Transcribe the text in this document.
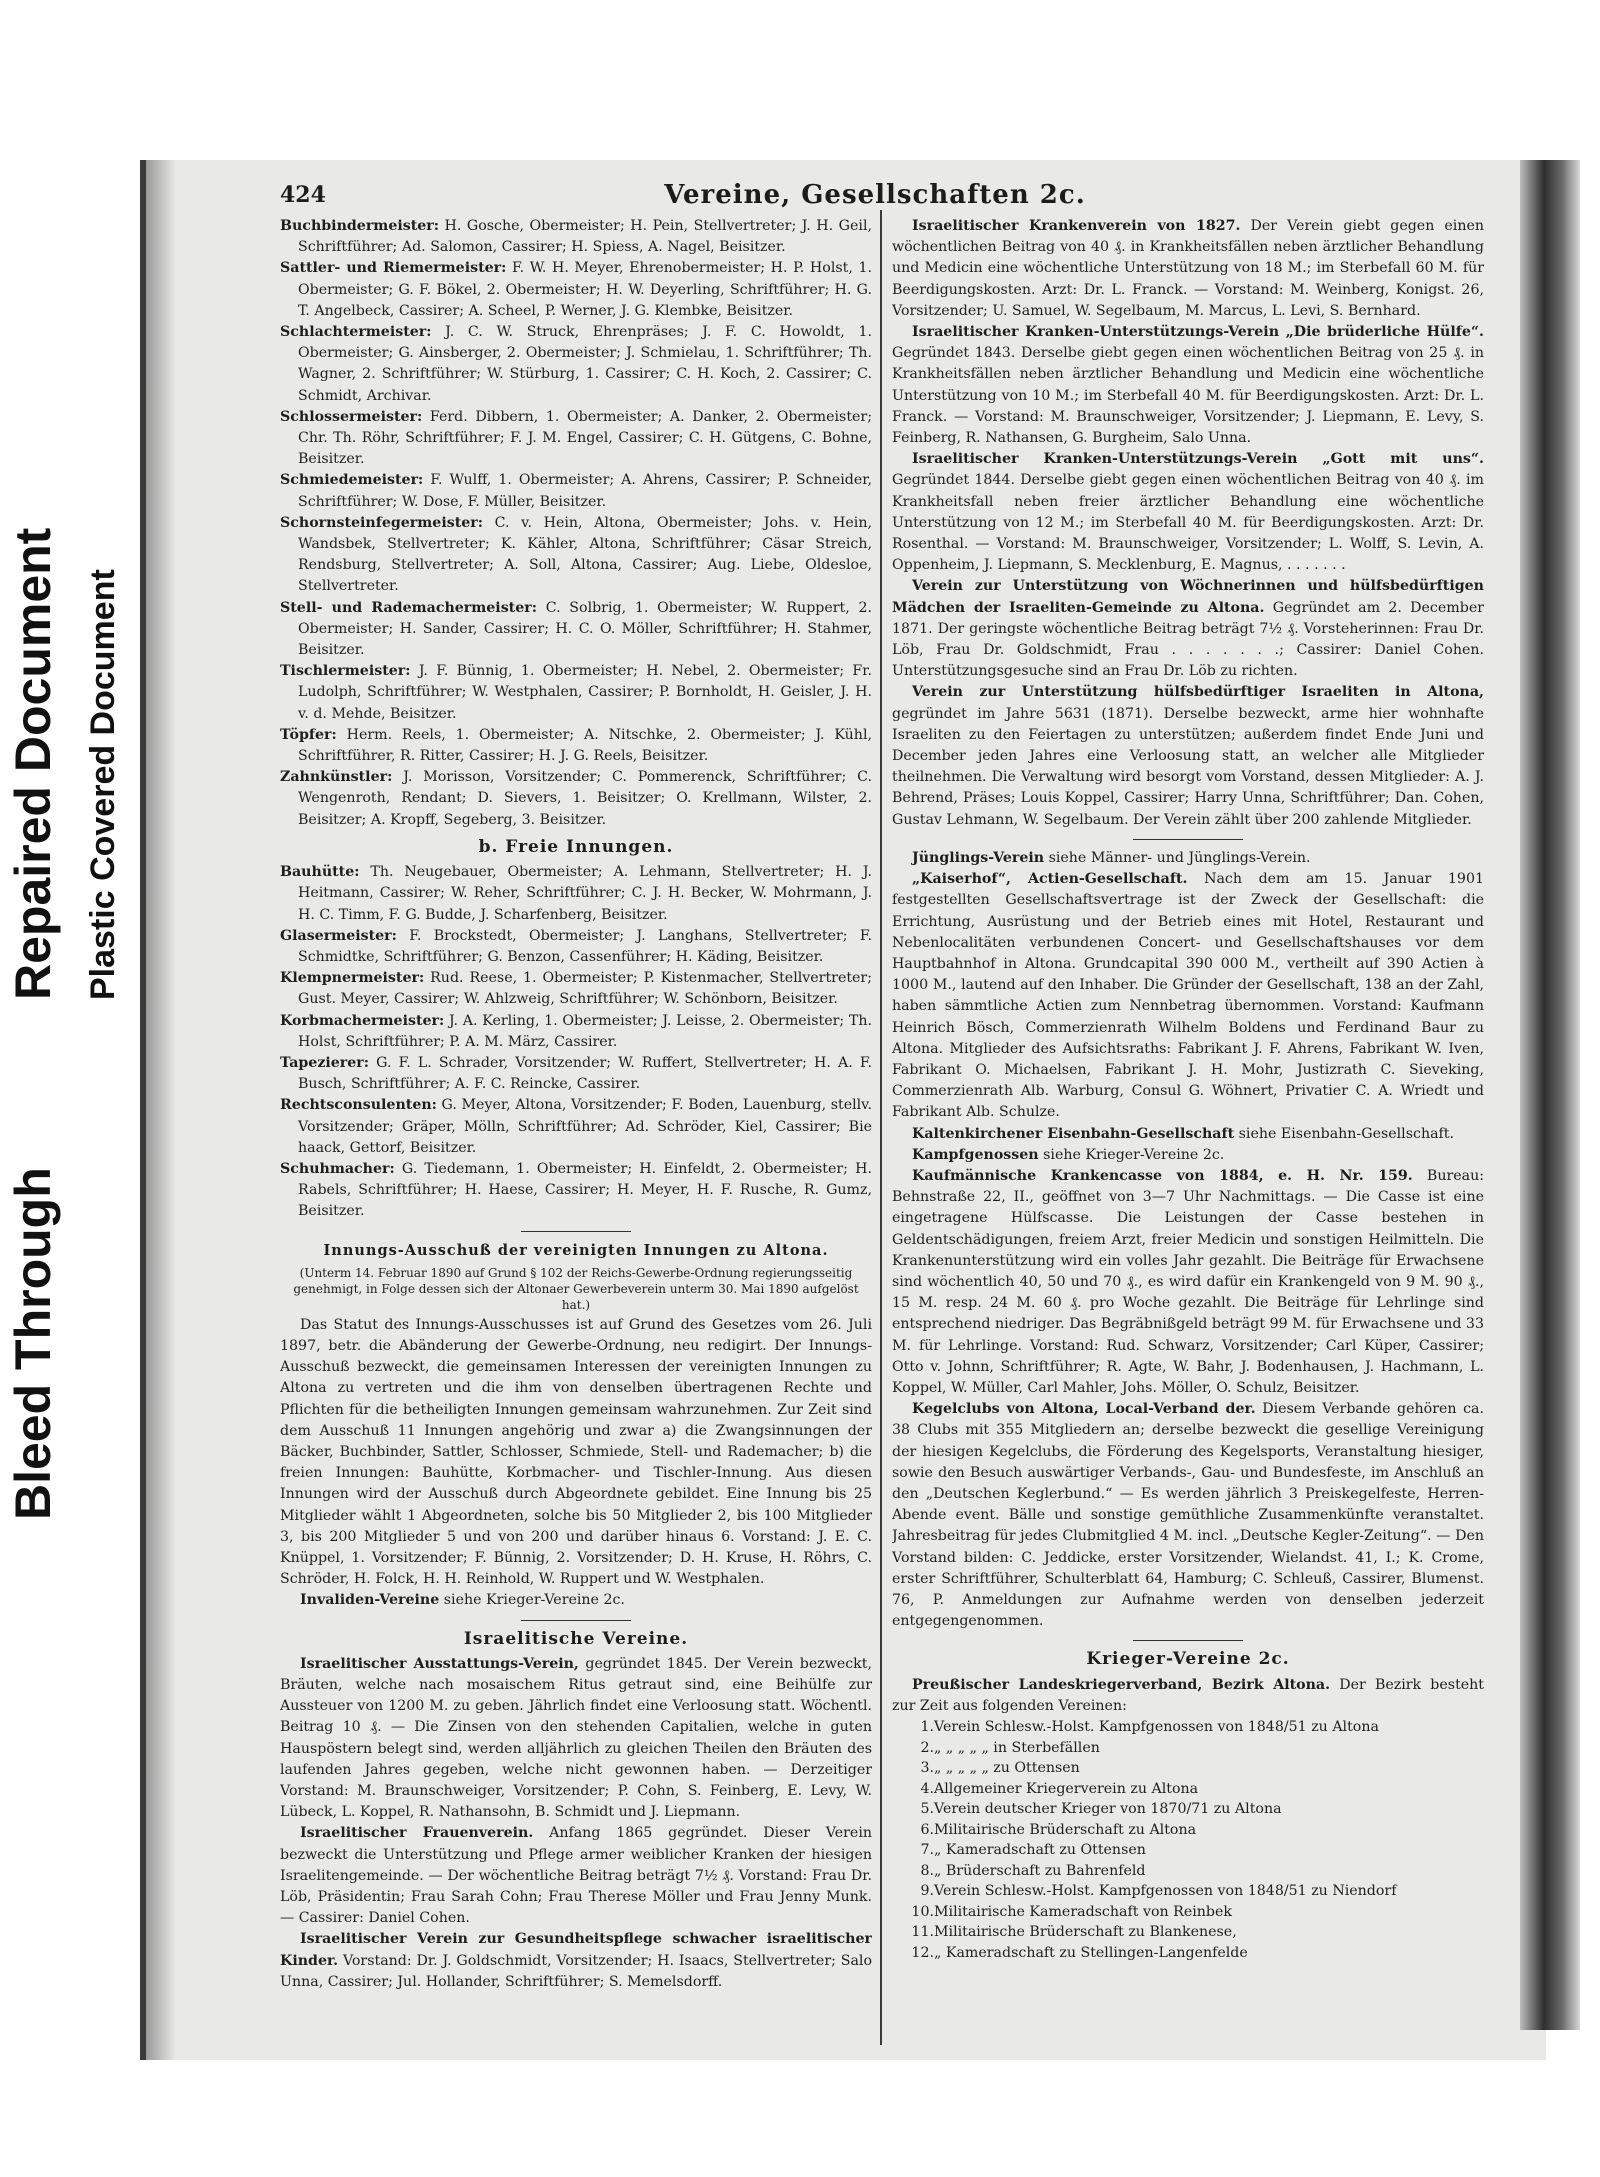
Bleed Through
Repaired Document Plastic Covered Document
424	Vereine, Gesellschaften 2c.

Buchbindermeister: H. Gosche, Obermeister; H. Pein, Stellvertreter; J. H. Geil, Schriftführer; Ad. Salomon, Cassirer; H. Spiess, A. Nagel, Beisitzer.

Sattler- und Riemermeister: F. W. H. Meyer, Ehrenobermeister; H. P. Holst, 1. Obermeister; G. F. Bökel, 2. Obermeister; H. W. Deyerling, Schriftführer; H. G. T. Angelbeck, Cassirer; A. Scheel, P. Werner, J. G. Klembke, Beisitzer.

Schlachtermeister: J. C. W. Struck, Ehrenpräses; J. F. C. Howoldt, 1. Obermeister; G. Ainsberger, 2. Obermeister; J. Schmielau, 1. Schriftführer; Th. Wagner, 2. Schriftführer; W. Stürburg, 1. Cassirer; C. H. Koch, 2. Cassirer; C. Schmidt, Archivar.

Schlossermeister: Ferd. Dibbern, 1. Obermeister; A. Danker, 2. Obermeister; Chr. Th. Röhr, Schriftführer; F. J. M. Engel, Cassirer; C. H. Gütgens, C. Bohne, Beisitzer.

Schmiedemeister: F. Wulff, 1. Obermeister; A. Ahrens, Cassirer; P. Schneider, Schriftführer; W. Dose, F. Müller, Beisitzer.

Schornsteinfegermeister: C. v. Hein, Altona, Obermeister; Johs. v. Hein, Wandsbek, Stellvertreter; K. Kähler, Altona, Schriftführer; Cäsar Streich, Rendsburg, Stellvertreter; A. Soll, Altona, Cassirer; Aug. Liebe, Oldesloe, Stellvertreter.

Stell- und Rademachermeister: C. Solbrig, 1. Obermeister; W. Ruppert, 2. Obermeister; H. Sander, Cassirer; H. C. O. Möller, Schriftführer; H. Stahmer, Beisitzer.

Tischlermeister: J. F. Bünnig, 1. Obermeister; H. Nebel, 2. Obermeister; Fr. Ludolph, Schriftführer; W. Westphalen, Cassirer; P. Bornholdt, H. Geisler, J. H. v. d. Mehde, Beisitzer.

Töpfer: Herm. Reels, 1. Obermeister; A. Nitschke, 2. Obermeister; J. Kühl, Schriftführer, R. Ritter, Cassirer; H. J. G. Reels, Beisitzer.

Zahnkünstler: J. Morisson, Vorsitzender; C. Pommerenck, Schriftführer; C. Wengenroth, Rendant; D. Sievers, 1. Beisitzer; O. Krellmann, Wilster, 2. Beisitzer; A. Kropff, Segeberg, 3. Beisitzer.

b. Freie Innungen.

Bauhütte: Th. Neugebauer, Obermeister; A. Lehmann, Stellvertreter; H. J. Heitmann, Cassirer; W. Reher, Schriftführer; C. J. H. Becker, W. Mohrmann, J. H. C. Timm, F. G. Budde, J. Scharfenberg, Beisitzer.

Glasermeister: F. Brockstedt, Obermeister; J. Langhans, Stellvertreter; F. Schmidtke, Schriftführer; G. Benzon, Cassenführer; H. Käding, Beisitzer.

Klempnermeister: Rud. Reese, 1. Obermeister; P. Kistenmacher, Stellvertreter; Gust. Meyer, Cassirer; W. Ahlzweig, Schriftführer; W. Schönborn, Beisitzer.

Korbmachermeister: J. A. Kerling, 1. Obermeister; J. Leisse, 2. Obermeister; Th. Holst, Schriftführer; P. A. M. März, Cassirer.

Tapezierer: G. F. L. Schrader, Vorsitzender; W. Ruffert, Stellvertreter; H. A. F. Busch, Schriftführer; A. F. C. Reincke, Cassirer.

Rechtsconsulenten: G. Meyer, Altona, Vorsitzender; F. Boden, Lauenburg, stellv. Vorsitzender; Gräper, Mölln, Schriftführer; Ad. Schröder, Kiel, Cassirer; Bie haack, Gettorf, Beisitzer.

Schuhmacher: G. Tiedemann, 1. Obermeister; H. Einfeldt, 2. Obermeister; H. Rabels, Schriftführer; H. Haese, Cassirer; H. Meyer, H. F. Rusche, R. Gumz, Beisitzer.

Innungs-Ausschuß der vereinigten Innungen zu Altona.

(Unterm 14. Februar 1890 auf Grund § 102 der Reichs-Gewerbe-Ordnung regierungsseitig genehmigt, in Folge dessen sich der Altonaer Gewerbeverein unterm 30. Mai 1890 aufgelöst hat.)

Das Statut des Innungs-Ausschusses ist auf Grund des Gesetzes vom 26. Juli 1897, betr. die Abänderung der Gewerbe-Ordnung, neu redigirt. Der Innungs-Ausschuß bezweckt, die gemeinsamen Interessen der vereinigten Innungen zu Altona zu vertreten und die ihm von denselben übertragenen Rechte und Pflichten für die betheiligten Innungen gemeinsam wahrzunehmen. Zur Zeit sind dem Ausschuß 11 Innungen angehörig und zwar a) die Zwangsinnungen der Bäcker, Buchbinder, Sattler, Schlosser, Schmiede, Stell- und Rademacher; b) die freien Innungen: Bauhütte, Korbmacher- und Tischler-Innung. Aus diesen Innungen wird der Ausschuß durch Abgeordnete gebildet. Eine Innung bis 25 Mitglieder wählt 1 Abgeordneten, solche bis 50 Mitglieder 2, bis 100 Mitglieder 3, bis 200 Mitglieder 5 und von 200 und darüber hinaus 6. Vorstand: J. E. C. Knüppel, 1. Vorsitzender; F. Bünnig, 2. Vorsitzender; D. H. Kruse, H. Röhrs, C. Schröder, H. Folck, H. H. Reinhold, W. Ruppert und W. Westphalen.

Invaliden-Vereine siehe Krieger-Vereine 2c.

Israelitische Vereine.

Israelitischer Ausstattungs-Verein, gegründet 1845. Der Verein bezweckt, Bräuten, welche nach mosaischem Ritus getraut sind, eine Beihülfe zur Aussteuer von 1200 M. zu geben. Jährlich findet eine Verloosung statt. Wöchentl. Beitrag 10 ₰. — Die Zinsen von den stehenden Capitalien, welche in guten Hauspöstern belegt sind, werden alljährlich zu gleichen Theilen den Bräuten des laufenden Jahres gegeben, welche nicht gewonnen haben. — Derzeitiger Vorstand: M. Braunschweiger, Vorsitzender; P. Cohn, S. Feinberg, E. Levy, W. Lübeck, L. Koppel, R. Nathansohn, B. Schmidt und J. Liepmann.

Israelitischer Frauenverein. Anfang 1865 gegründet. Dieser Verein bezweckt die Unterstützung und Pflege armer weiblicher Kranken der hiesigen Israelitengemeinde. — Der wöchentliche Beitrag beträgt 7½ ₰. Vorstand: Frau Dr. Löb, Präsidentin; Frau Sarah Cohn; Frau Therese Möller und Frau Jenny Munk. — Cassirer: Daniel Cohen.

Israelitischer Verein zur Gesundheitspflege schwacher israelitischer Kinder. Vorstand: Dr. J. Goldschmidt, Vorsitzender; H. Isaacs, Stellvertreter; Salo Unna, Cassirer; Jul. Hollander, Schriftführer; S. Memelsdorff.

Israelitischer Krankenverein von 1827. Der Verein giebt gegen einen wöchentlichen Beitrag von 40 ₰. in Krankheitsfällen neben ärztlicher Behandlung und Medicin eine wöchentliche Unterstützung von 18 M.; im Sterbefall 60 M. für Beerdigungskosten. Arzt: Dr. L. Franck. — Vorstand: M. Weinberg, Konigst. 26, Vorsitzender; U. Samuel, W. Segelbaum, M. Marcus, L. Levi, S. Bernhard.

Israelitischer Kranken-Unterstützungs-Verein „Die brüderliche Hülfe“. Gegründet 1843. Derselbe giebt gegen einen wöchentlichen Beitrag von 25 ₰. in Krankheitsfällen neben ärztlicher Behandlung und Medicin eine wöchentliche Unterstützung von 10 M.; im Sterbefall 40 M. für Beerdigungskosten. Arzt: Dr. L. Franck. — Vorstand: M. Braunschweiger, Vorsitzender; J. Liepmann, E. Levy, S. Feinberg, R. Nathansen, G. Burgheim, Salo Unna.

Israelitischer Kranken-Unterstützungs-Verein „Gott mit uns“. Gegründet 1844. Derselbe giebt gegen einen wöchentlichen Beitrag von 40 ₰. im Krankheitsfall neben freier ärztlicher Behandlung eine wöchentliche Unterstützung von 12 M.; im Sterbefall 40 M. für Beerdigungskosten. Arzt: Dr. Rosenthal. — Vorstand: M. Braunschweiger, Vorsitzender; L. Wolff, S. Levin, A. Oppenheim, J. Liepmann, S. Mecklenburg, E. Magnus, . . . . . . .

Verein zur Unterstützung von Wöchnerinnen und hülfsbedürftigen Mädchen der Israeliten-Gemeinde zu Altona. Gegründet am 2. December 1871. Der geringste wöchentliche Beitrag beträgt 7½ ₰. Vorsteherinnen: Frau Dr. Löb, Frau Dr. Goldschmidt, Frau . . . . . . .; Cassirer: Daniel Cohen. Unterstützungsgesuche sind an Frau Dr. Löb zu richten.

Verein zur Unterstützung hülfsbedürftiger Israeliten in Altona, gegründet im Jahre 5631 (1871). Derselbe bezweckt, arme hier wohnhafte Israeliten zu den Feiertagen zu unterstützen; außerdem findet Ende Juni und December jeden Jahres eine Verloosung statt, an welcher alle Mitglieder theilnehmen. Die Verwaltung wird besorgt vom Vorstand, dessen Mitglieder: A. J. Behrend, Präses; Louis Koppel, Cassirer; Harry Unna, Schriftführer; Dan. Cohen, Gustav Lehmann, W. Segelbaum. Der Verein zählt über 200 zahlende Mitglieder.

Jünglings-Verein siehe Männer- und Jünglings-Verein.

„Kaiserhof“, Actien-Gesellschaft. Nach dem am 15. Januar 1901 festgestellten Gesellschaftsvertrage ist der Zweck der Gesellschaft: die Errichtung, Ausrüstung und der Betrieb eines mit Hotel, Restaurant und Nebenlocalitäten verbundenen Concert- und Gesellschaftshauses vor dem Hauptbahnhof in Altona. Grundcapital 390 000 M., vertheilt auf 390 Actien à 1000 M., lautend auf den Inhaber. Die Gründer der Gesellschaft, 138 an der Zahl, haben sämmtliche Actien zum Nennbetrag übernommen. Vorstand: Kaufmann Heinrich Bösch, Commerzienrath Wilhelm Boldens und Ferdinand Baur zu Altona. Mitglieder des Aufsichtsraths: Fabrikant J. F. Ahrens, Fabrikant W. Iven, Fabrikant O. Michaelsen, Fabrikant J. H. Mohr, Justizrath C. Sieveking, Commerzienrath Alb. Warburg, Consul G. Wöhnert, Privatier C. A. Wriedt und Fabrikant Alb. Schulze.

Kaltenkirchener Eisenbahn-Gesellschaft siehe Eisenbahn-Gesellschaft.

Kampfgenossen siehe Krieger-Vereine 2c.

Kaufmännische Krankencasse von 1884, e. H. Nr. 159. Bureau: Behnstraße 22, II., geöffnet von 3—7 Uhr Nachmittags. — Die Casse ist eine eingetragene Hülfscasse. Die Leistungen der Casse bestehen in Geldentschädigungen, freiem Arzt, freier Medicin und sonstigen Heilmitteln. Die Krankenunterstützung wird ein volles Jahr gezahlt. Die Beiträge für Erwachsene sind wöchentlich 40, 50 und 70 ₰., es wird dafür ein Krankengeld von 9 M. 90 ₰., 15 M. resp. 24 M. 60 ₰. pro Woche gezahlt. Die Beiträge für Lehrlinge sind entsprechend niedriger. Das Begräbnißgeld beträgt 99 M. für Erwachsene und 33 M. für Lehrlinge. Vorstand: Rud. Schwarz, Vorsitzender; Carl Küper, Cassirer; Otto v. Johnn, Schriftführer; R. Agte, W. Bahr, J. Bodenhausen, J. Hachmann, L. Koppel, W. Müller, Carl Mahler, Johs. Möller, O. Schulz, Beisitzer.

Kegelclubs von Altona, Local-Verband der. Diesem Verbande gehören ca. 38 Clubs mit 355 Mitgliedern an; derselbe bezweckt die gesellige Vereinigung der hiesigen Kegelclubs, die Förderung des Kegelsports, Veranstaltung hiesiger, sowie den Besuch auswärtiger Verbands-, Gau- und Bundesfeste, im Anschluß an den „Deutschen Keglerbund.“ — Es werden jährlich 3 Preiskegelfeste, Herren-Abende event. Bälle und sonstige gemüthliche Zusammenkünfte veranstaltet. Jahresbeitrag für jedes Clubmitglied 4 M. incl. „Deutsche Kegler-Zeitung“. — Den Vorstand bilden: C. Jeddicke, erster Vorsitzender, Wielandst. 41, I.; K. Crome, erster Schriftführer, Schulterblatt 64, Hamburg; C. Schleuß, Cassirer, Blumenst. 76, P. Anmeldungen zur Aufnahme werden von denselben jederzeit entgegengenommen.

Krieger-Vereine 2c.

Preußischer Landeskriegerverband, Bezirk Altona. Der Bezirk besteht zur Zeit aus folgenden Vereinen:

1.	Verein Schlesw.-Holst. Kampfgenossen von 1848/51 zu Altona
2.	„ „ „ „ „ in Sterbefällen
3.	„ „ „ „ „ zu Ottensen
4.	Allgemeiner Kriegerverein zu Altona
5.	Verein deutscher Krieger von 1870/71 zu Altona
6.	Militairische Brüderschaft zu Altona
7.	„ Kameradschaft zu Ottensen
8.	„ Brüderschaft zu Bahrenfeld
9.	Verein Schlesw.-Holst. Kampfgenossen von 1848/51 zu Niendorf
10.	Militairische Kameradschaft von Reinbek
11.	Militairische Brüderschaft zu Blankenese,
12.	„ Kameradschaft zu Stellingen-Langenfelde
